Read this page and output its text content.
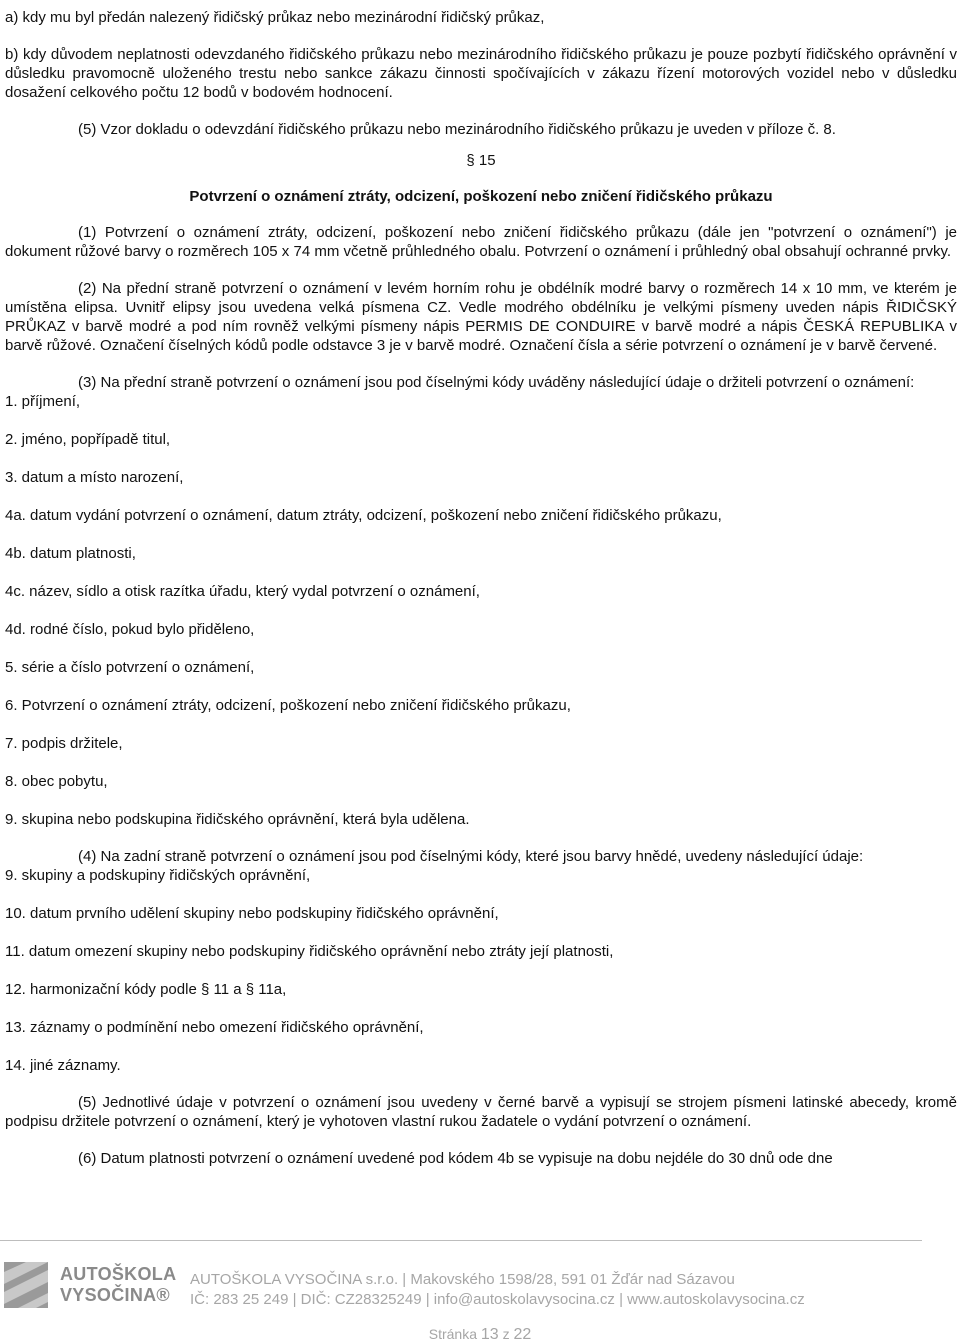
a) kdy mu byl předán nalezený řidičský průkaz nebo mezinárodní řidičský průkaz,

b) kdy důvodem neplatnosti odevzdaného řidičského průkazu nebo mezinárodního řidičského průkazu je pouze pozbytí řidičského oprávnění v důsledku pravomocně uloženého trestu nebo sankce zákazu činnosti spočívajících v zákazu řízení motorových vozidel nebo v důsledku dosažení celkového počtu 12 bodů v bodovém hodnocení.

(5) Vzor dokladu o odevzdání řidičského průkazu nebo mezinárodního řidičského průkazu je uveden v příloze č. 8.

§ 15

Potvrzení o oznámení ztráty, odcizení, poškození nebo zničení řidičského průkazu

(1) Potvrzení o oznámení ztráty, odcizení, poškození nebo zničení řidičského průkazu (dále jen "potvrzení o oznámení") je dokument růžové barvy o rozměrech 105 x 74 mm včetně průhledného obalu. Potvrzení o oznámení i průhledný obal obsahují ochranné prvky.

(2) Na přední straně potvrzení o oznámení v levém horním rohu je obdélník modré barvy o rozměrech 14 x 10 mm, ve kterém je umístěna elipsa. Uvnitř elipsy jsou uvedena velká písmena CZ. Vedle modrého obdélníku je velkými písmeny uveden nápis ŘIDIČSKÝ PRŮKAZ v barvě modré a pod ním rovněž velkými písmeny nápis PERMIS DE CONDUIRE v barvě modré a nápis ČESKÁ REPUBLIKA v barvě růžové. Označení číselných kódů podle odstavce 3 je v barvě modré. Označení čísla a série potvrzení o oznámení je v barvě červené.

(3) Na přední straně potvrzení o oznámení jsou pod číselnými kódy uváděny následující údaje o držiteli potvrzení o oznámení:

1. příjmení,

2. jméno, popřípadě titul,

3. datum a místo narození,

4a. datum vydání potvrzení o oznámení, datum ztráty, odcizení, poškození nebo zničení řidičského průkazu,

4b. datum platnosti,

4c. název, sídlo a otisk razítka úřadu, který vydal potvrzení o oznámení,

4d. rodné číslo, pokud bylo přiděleno,

5. série a číslo potvrzení o oznámení,

6. Potvrzení o oznámení ztráty, odcizení, poškození nebo zničení řidičského průkazu,

7. podpis držitele,

8. obec pobytu,

9. skupina nebo podskupina řidičského oprávnění, která byla udělena.

(4) Na zadní straně potvrzení o oznámení jsou pod číselnými kódy, které jsou barvy hnědé, uvedeny následující údaje:

9. skupiny a podskupiny řidičských oprávnění,

10. datum prvního udělení skupiny nebo podskupiny řidičského oprávnění,

11. datum omezení skupiny nebo podskupiny řidičského oprávnění nebo ztráty její platnosti,

12. harmonizační kódy podle § 11 a § 11a,

13. záznamy o podmínění nebo omezení řidičského oprávnění,

14. jiné záznamy.

(5) Jednotlivé údaje v potvrzení o oznámení jsou uvedeny v černé barvě a vypisují se strojem písmeni latinské abecedy, kromě podpisu držitele potvrzení o oznámení, který je vyhotoven vlastní rukou žadatele o vydání potvrzení o oznámení.

(6) Datum platnosti potvrzení o oznámení uvedené pod kódem 4b se vypisuje na dobu nejdéle do 30 dnů ode dne

AUTOŠKOLA
VYSOČINA®
AUTOŠKOLA VYSOČINA s.r.o. | Makovského 1598/28, 591 01 Žďár nad Sázavou
IČ: 283 25 249 | DIČ: CZ28325249 | info@autoskolavysocina.cz | www.autoskolavysocina.cz
Stránka 13 z 22
